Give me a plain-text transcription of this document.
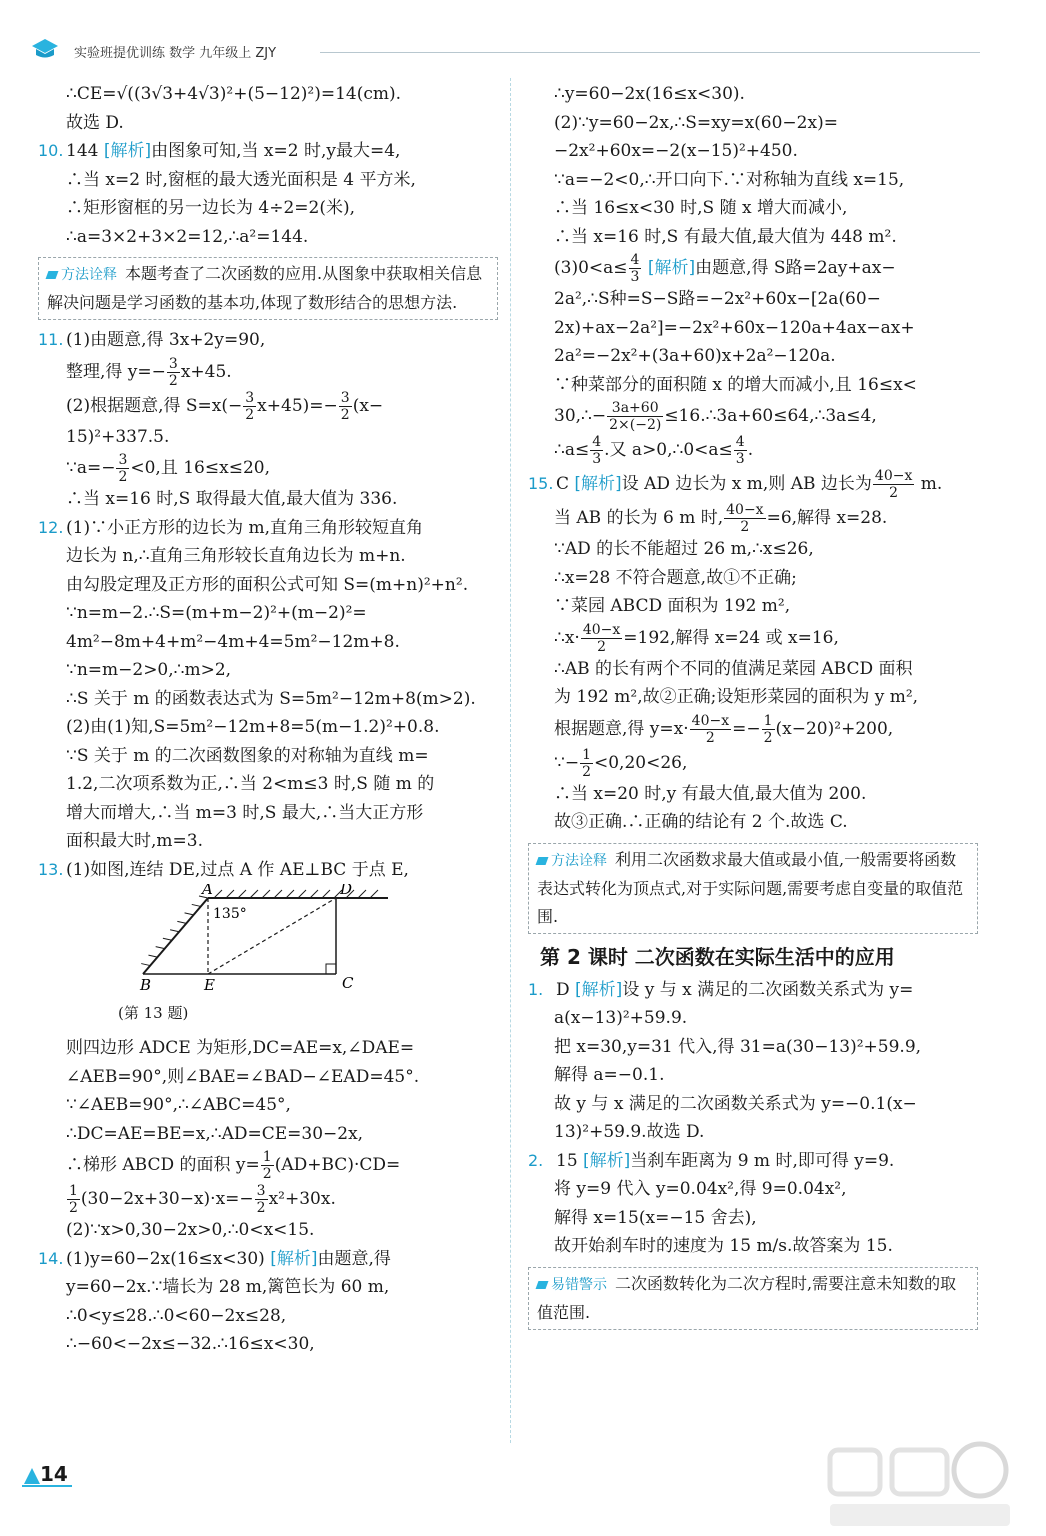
实验班提优训练 数学 九年级上 ZJY
∴CE=√((3√3+4√3)²+(5−12)²)=14(cm).
故选 D.
10. 144 [解析]由图象可知,当 x=2 时,y最大=4,
∴当 x=2 时,窗框的最大透光面积是 4 平方米,
∴矩形窗框的另一边长为 4÷2=2(米),
∴a=3×2+3×2=12,∴a²=144.
方法诠释 本题考查了二次函数的应用.从图象中获取相关信息解决问题是学习函数的基本功,体现了数形结合的思想方法.
11. (1)由题意,得 3x+2y=90,
整理,得 $y=- \frac{3}{2} x+45$.
(2)根据题意,得 $S=x(- \frac{3}{2} x+45)=- \frac{3}{2} (x-$
15)²+337.5.
∵a=− $\frac{3}{2} <0$,且 16≤x≤20,
∴当 x=16 时,S 取得最大值,最大值为 336.
12. (1)∵小正方形的边长为 m,直角三角形较短直角
边长为 n,∴直角三角形较长直角边长为 m+n.
由勾股定理及正方形的面积公式可知 S=(m+n)²+n².
∵n=m−2.∴S=(m+m−2)²+(m−2)²=
4m²−8m+4+m²−4m+4=5m²−12m+8.
∵n=m−2>0,∴m>2,
∴S 关于 m 的函数表达式为 S=5m²−12m+8(m>2).
(2)由(1)知,S=5m²−12m+8=5(m−1.2)²+0.8.
∵S 关于 m 的二次函数图象的对称轴为直线 m=
1.2,二次项系数为正,∴当 2<m≤3 时,S 随 m 的
增大而增大,∴当 m=3 时,S 最大,∴当大正方形
面积最大时,m=3.
13. (1)如图,连结 DE,过点 A 作 AE⊥BC 于点 E,
A	D
B	E	C
135°
(第 13 题)
则四边形 ADCE 为矩形,DC=AE=x,∠DAE=
∠AEB=90°,则∠BAE=∠BAD−∠EAD=45°.
∵∠AEB=90°,∴∠ABC=45°,
∴DC=AE=BE=x,∴AD=CE=30−2x,
∴梯形 ABCD 的面积 $y= \frac{1}{2} (AD+BC)\cdot CD=$
$\frac{1}{2} (30-2x+30-x)\cdot x=- \frac{3}{2} x^2+30x$.
(2)∵x>0,30−2x>0,∴0<x<15.
14. (1)y=60−2x(16≤x<30) [解析]由题意,得
y=60−2x.∵墙长为 28 m,篱笆长为 60 m,
∴0<y≤28.∴0<60−2x≤28,
∴−60<−2x≤−32.∴16≤x<30,
∴y=60−2x(16≤x<30).
(2)∵y=60−2x,∴S=xy=x(60−2x)=
−2x²+60x=−2(x−15)²+450.
∵a=−2<0,∴开口向下.∵对称轴为直线 x=15,
∴当 16≤x<30 时,S 随 x 增大而减小,
∴当 x=16 时,S 有最大值,最大值为 448 m².
$(3)0<a\le \frac{4}{3}$ [解析]由题意,得 S路=2ay+ax−
2a²,∴S种=S−S路=−2x²+60x−[2a(60−
2x)+ax−2a²]=−2x²+60x−120a+4ax−ax+
2a²=−2x²+(3a+60)x+2a²−120a.
∵种菜部分的面积随 x 的增大而减小,且 16≤x<
30,∴− $\frac{3a+60}{2\times(-2)}$ ≤16.∴3a+60≤64,∴3a≤4,
∴a≤ $\frac{4}{3}$ .又 a>0,∴0<a≤ $\frac{4}{3}$ .
15. C [解析]设 AD 边长为 x m,则 AB 边长为 $\frac{40-x}{2} m$.
当 AB 的长为 6 m 时, $\frac{40-x}{2} =6$,解得 x=28.
∵AD 的长不能超过 26 m,∴x≤26,
∴x=28 不符合题意,故①不正确;
∵菜园 ABCD 面积为 192 m²,
∴x· $\frac{40-x}{2} =192$,解得 x=24 或 x=16,
∴AB 的长有两个不同的值满足菜园 ABCD 面积
为 192 m²,故②正确;设矩形菜园的面积为 y m²,
根据题意,得 $y=x\cdot \frac{40-x}{2} =- \frac{1}{2} (x-20)^2+200$,
∵− $\frac{1}{2} <0,20<26$,
∴当 x=20 时,y 有最大值,最大值为 200.
故③正确.∴正确的结论有 2 个.故选 C.
方法诠释 利用二次函数求最大值或最小值,一般需要将函数表达式转化为顶点式,对于实际问题,需要考虑自变量的取值范围.
第 2 课时 二次函数在实际生活中的应用
1. D [解析]设 y 与 x 满足的二次函数关系式为 y=
a(x−13)²+59.9.
把 x=30,y=31 代入,得 31=a(30−13)²+59.9,
解得 a=−0.1.
故 y 与 x 满足的二次函数关系式为 y=−0.1(x−
13)²+59.9.故选 D.
2. 15 [解析]当刹车距离为 9 m 时,即可得 y=9.
将 y=9 代入 y=0.04x²,得 9=0.04x²,
解得 x=15(x=−15 舍去),
故开始刹车时的速度为 15 m/s.故答案为 15.
易错警示 二次函数转化为二次方程时,需要注意未知数的取值范围.
14
